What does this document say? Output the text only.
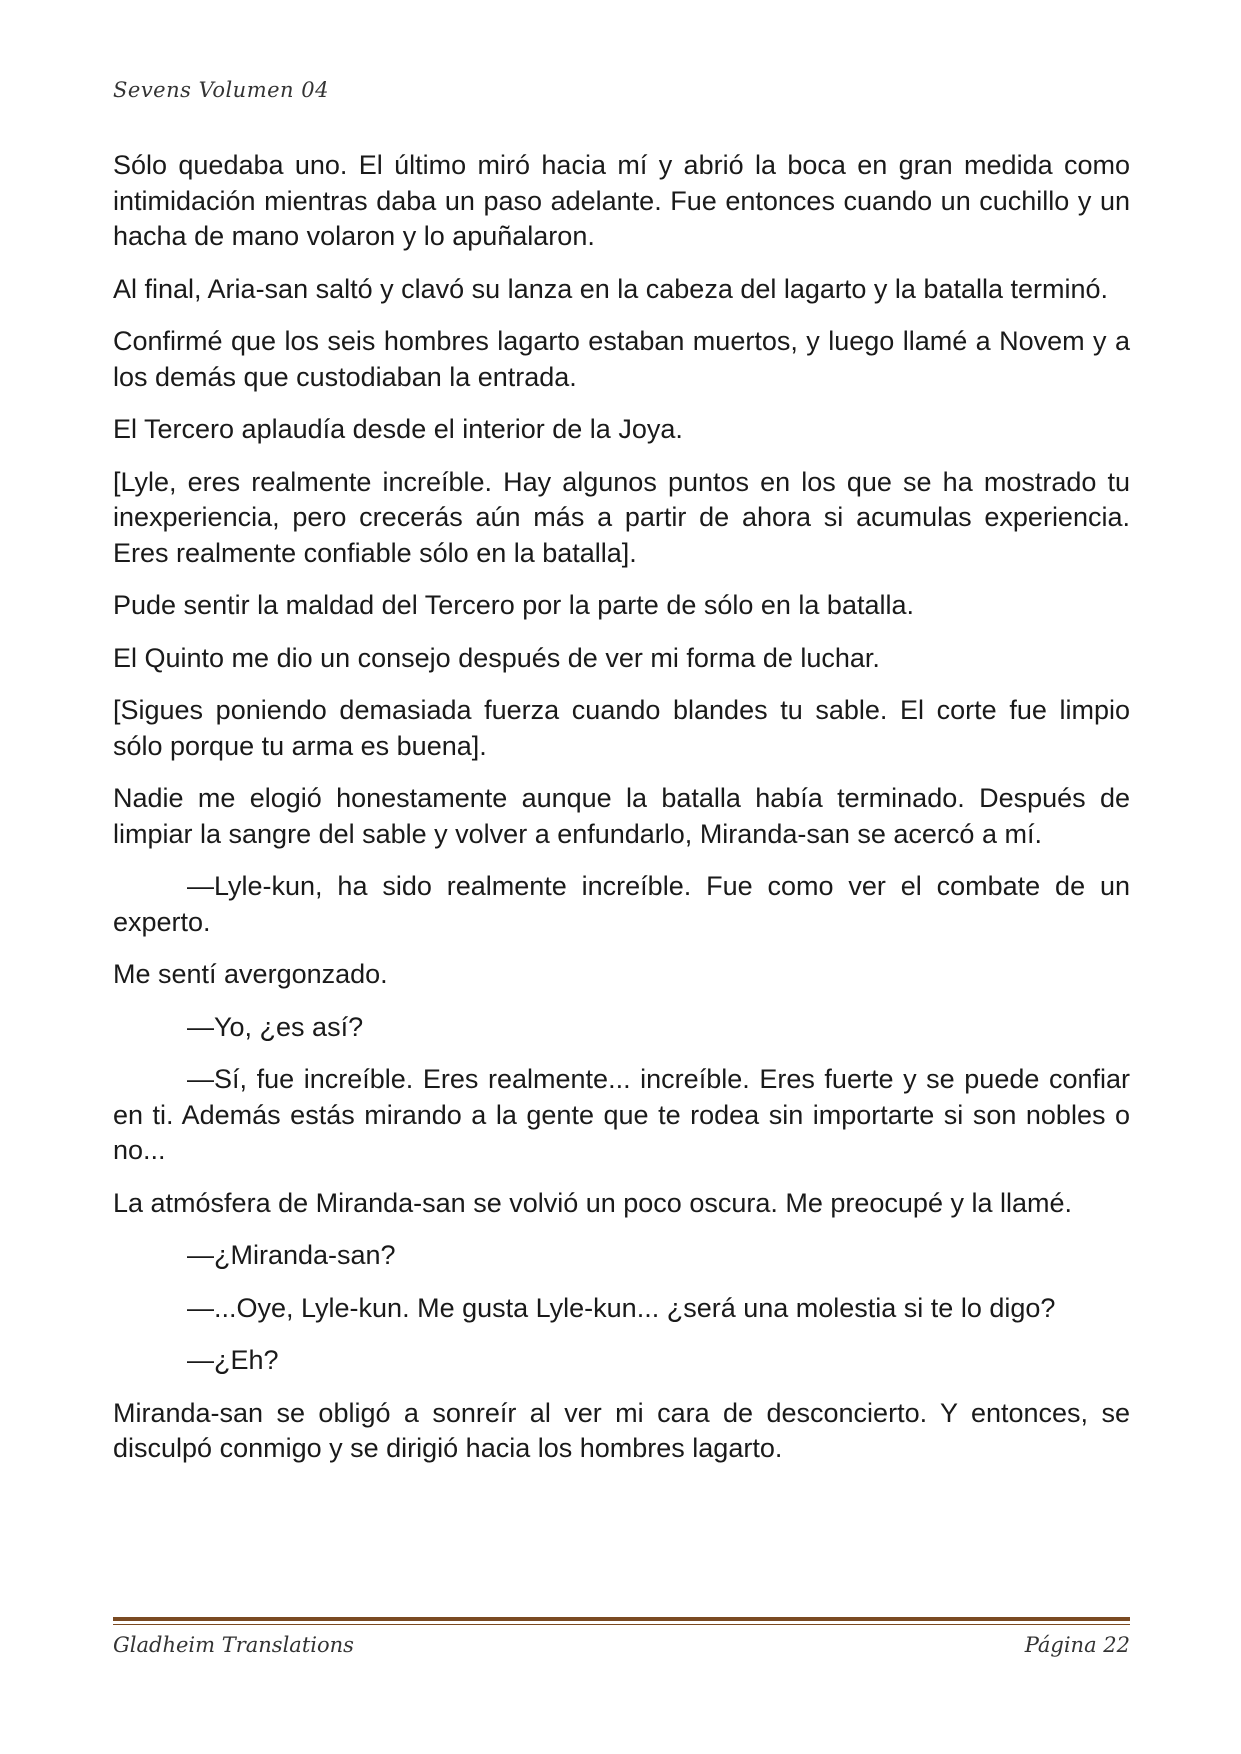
Sevens Volumen 04

Sólo quedaba uno. El último miró hacia mí y abrió la boca en gran medida como intimidación mientras daba un paso adelante. Fue entonces cuando un cuchillo y un hacha de mano volaron y lo apuñalaron.

Al final, Aria-san saltó y clavó su lanza en la cabeza del lagarto y la batalla terminó.

Confirmé que los seis hombres lagarto estaban muertos, y luego llamé a Novem y a los demás que custodiaban la entrada.

El Tercero aplaudía desde el interior de la Joya.

[Lyle, eres realmente increíble. Hay algunos puntos en los que se ha mostrado tu inexperiencia, pero crecerás aún más a partir de ahora si acumulas experiencia. Eres realmente confiable sólo en la batalla].

Pude sentir la maldad del Tercero por la parte de sólo en la batalla.

El Quinto me dio un consejo después de ver mi forma de luchar.

[Sigues poniendo demasiada fuerza cuando blandes tu sable. El corte fue limpio sólo porque tu arma es buena].

Nadie me elogió honestamente aunque la batalla había terminado. Después de limpiar la sangre del sable y volver a enfundarlo, Miranda-san se acercó a mí.

—Lyle-kun, ha sido realmente increíble. Fue como ver el combate de un experto.

Me sentí avergonzado.

—Yo, ¿es así?

—Sí, fue increíble. Eres realmente... increíble. Eres fuerte y se puede confiar en ti. Además estás mirando a la gente que te rodea sin importarte si son nobles o no...

La atmósfera de Miranda-san se volvió un poco oscura. Me preocupé y la llamé.

—¿Miranda-san?

—...Oye, Lyle-kun. Me gusta Lyle-kun... ¿será una molestia si te lo digo?

—¿Eh?

Miranda-san se obligó a sonreír al ver mi cara de desconcierto. Y entonces, se disculpó conmigo y se dirigió hacia los hombres lagarto.

Gladheim Translations	Página 22
